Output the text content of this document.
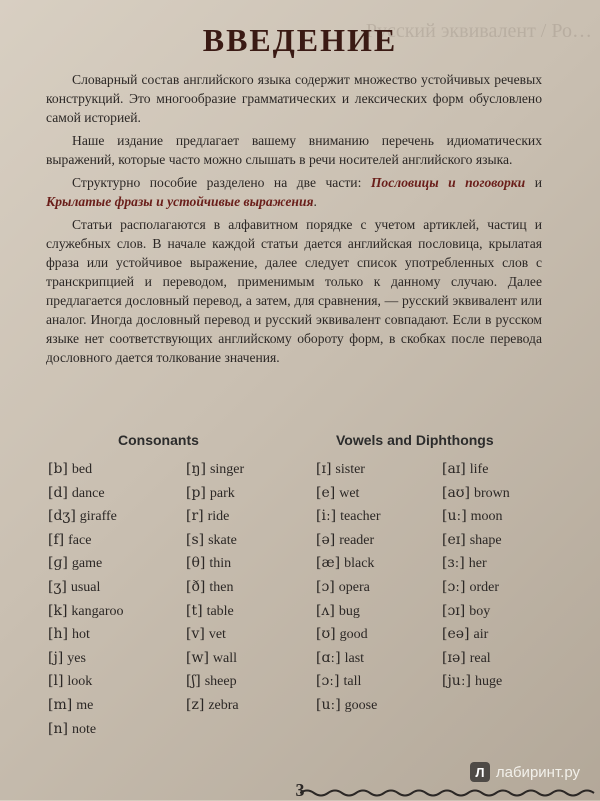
Русский эквивалент / Ро…
ВВЕДЕНИЕ

Словарный состав английского языка содержит множество устойчивых речевых конструкций. Это многообразие грамматических и лексических форм обусловлено самой историей.

Наше издание предлагает вашему вниманию перечень идиоматических выражений, которые часто можно слышать в речи носителей английского языка.

Структурно пособие разделено на две части: Пословицы и поговорки и Крылатые фразы и устойчивые выражения.

Статьи располагаются в алфавитном порядке с учетом артиклей, частиц и служебных слов. В начале каждой статьи дается английская пословица, крылатая фраза или устойчивое выражение, далее следует список употребленных слов с транскрипцией и переводом, применимым только к данному случаю. Далее предлагается дословный перевод, а затем, для сравнения, — русский эквивалент или аналог. Иногда дословный перевод и русский эквивалент совпадают. Если в русском языке нет соответствующих английскому обороту форм, в скобках после перевода дословного дается толкование значения.

Consonants	Vowels and Diphthongs
[b] bed
[d] dance
[dʒ] giraffe
[f] face
[ɡ] game
[ʒ] usual
[k] kangaroo
[h] hot
[j] yes
[l] look
[m] me
[n] note
[ŋ] singer
[p] park
[r] ride
[s] skate
[θ] thin
[ð] then
[t] table
[v] vet
[w] wall
[ʃ] sheep
[z] zebra
[ɪ] sister
[e] wet
[iː] teacher
[ə] reader
[æ] black
[ɔ] opera
[ʌ] bug
[ʊ] good
[ɑː] last
[ɔː] tall
[uː] goose
[aɪ] life
[aʊ] brown
[uː] moon
[eɪ] shape
[ɜː] her
[ɔː] order
[ɔɪ] boy
[eə] air
[ɪə] real
[juː] huge
3
Л лабиринт.ру
